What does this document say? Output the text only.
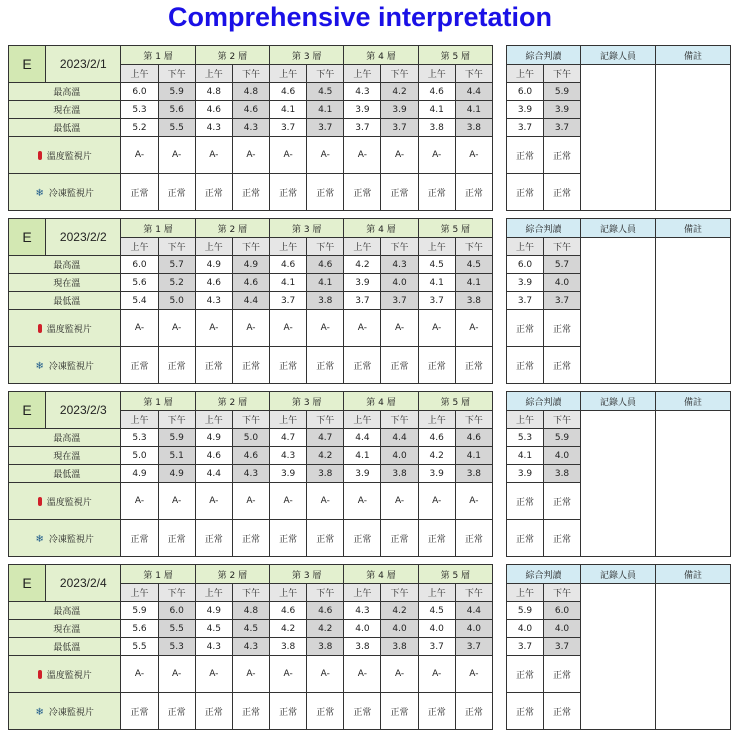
Comprehensive interpretation
E	2023/2/1	第 1 層		第 2 層		第 3 層		第 4 層		第 5 層	
		上午	下午	上午	下午	上午	下午	上午	下午	上午	下午
最高溫		6.0	5.9	4.8	4.8	4.6	4.5	4.3	4.2	4.6	4.4
現在溫		5.3	5.6	4.6	4.6	4.1	4.1	3.9	3.9	4.1	4.1
最低溫		5.2	5.5	4.3	4.3	3.7	3.7	3.7	3.7	3.8	3.8
溫度監視片		A-	A-	A-	A-	A-	A-	A-	A-	A-	A-
❄ 冷凍監視片		正常	正常	正常	正常	正常	正常	正常	正常	正常	正常
綜合判讀		記錄人員	備註
上午	下午		
6.0	5.9		
3.9	3.9		
3.7	3.7		
正常	正常		
正常	正常		
E	2023/2/2	第 1 層		第 2 層		第 3 層		第 4 層		第 5 層	
		上午	下午	上午	下午	上午	下午	上午	下午	上午	下午
最高溫		6.0	5.7	4.9	4.9	4.6	4.6	4.2	4.3	4.5	4.5
現在溫		5.6	5.2	4.6	4.6	4.1	4.1	3.9	4.0	4.1	4.1
最低溫		5.4	5.0	4.3	4.4	3.7	3.8	3.7	3.7	3.7	3.8
溫度監視片		A-	A-	A-	A-	A-	A-	A-	A-	A-	A-
❄ 冷凍監視片		正常	正常	正常	正常	正常	正常	正常	正常	正常	正常
綜合判讀		記錄人員	備註
上午	下午		
6.0	5.7		
3.9	4.0		
3.7	3.7		
正常	正常		
正常	正常		
E	2023/2/3	第 1 層		第 2 層		第 3 層		第 4 層		第 5 層	
		上午	下午	上午	下午	上午	下午	上午	下午	上午	下午
最高溫		5.3	5.9	4.9	5.0	4.7	4.7	4.4	4.4	4.6	4.6
現在溫		5.0	5.1	4.6	4.6	4.3	4.2	4.1	4.0	4.2	4.1
最低溫		4.9	4.9	4.4	4.3	3.9	3.8	3.9	3.8	3.9	3.8
溫度監視片		A-	A-	A-	A-	A-	A-	A-	A-	A-	A-
❄ 冷凍監視片		正常	正常	正常	正常	正常	正常	正常	正常	正常	正常
綜合判讀		記錄人員	備註
上午	下午		
5.3	5.9		
4.1	4.0		
3.9	3.8		
正常	正常		
正常	正常		
E	2023/2/4	第 1 層		第 2 層		第 3 層		第 4 層		第 5 層	
		上午	下午	上午	下午	上午	下午	上午	下午	上午	下午
最高溫		5.9	6.0	4.9	4.8	4.6	4.6	4.3	4.2	4.5	4.4
現在溫		5.6	5.5	4.5	4.5	4.2	4.2	4.0	4.0	4.0	4.0
最低溫		5.5	5.3	4.3	4.3	3.8	3.8	3.8	3.8	3.7	3.7
溫度監視片		A-	A-	A-	A-	A-	A-	A-	A-	A-	A-
❄ 冷凍監視片		正常	正常	正常	正常	正常	正常	正常	正常	正常	正常
綜合判讀		記錄人員	備註
上午	下午		
5.9	6.0		
4.0	4.0		
3.7	3.7		
正常	正常		
正常	正常		
